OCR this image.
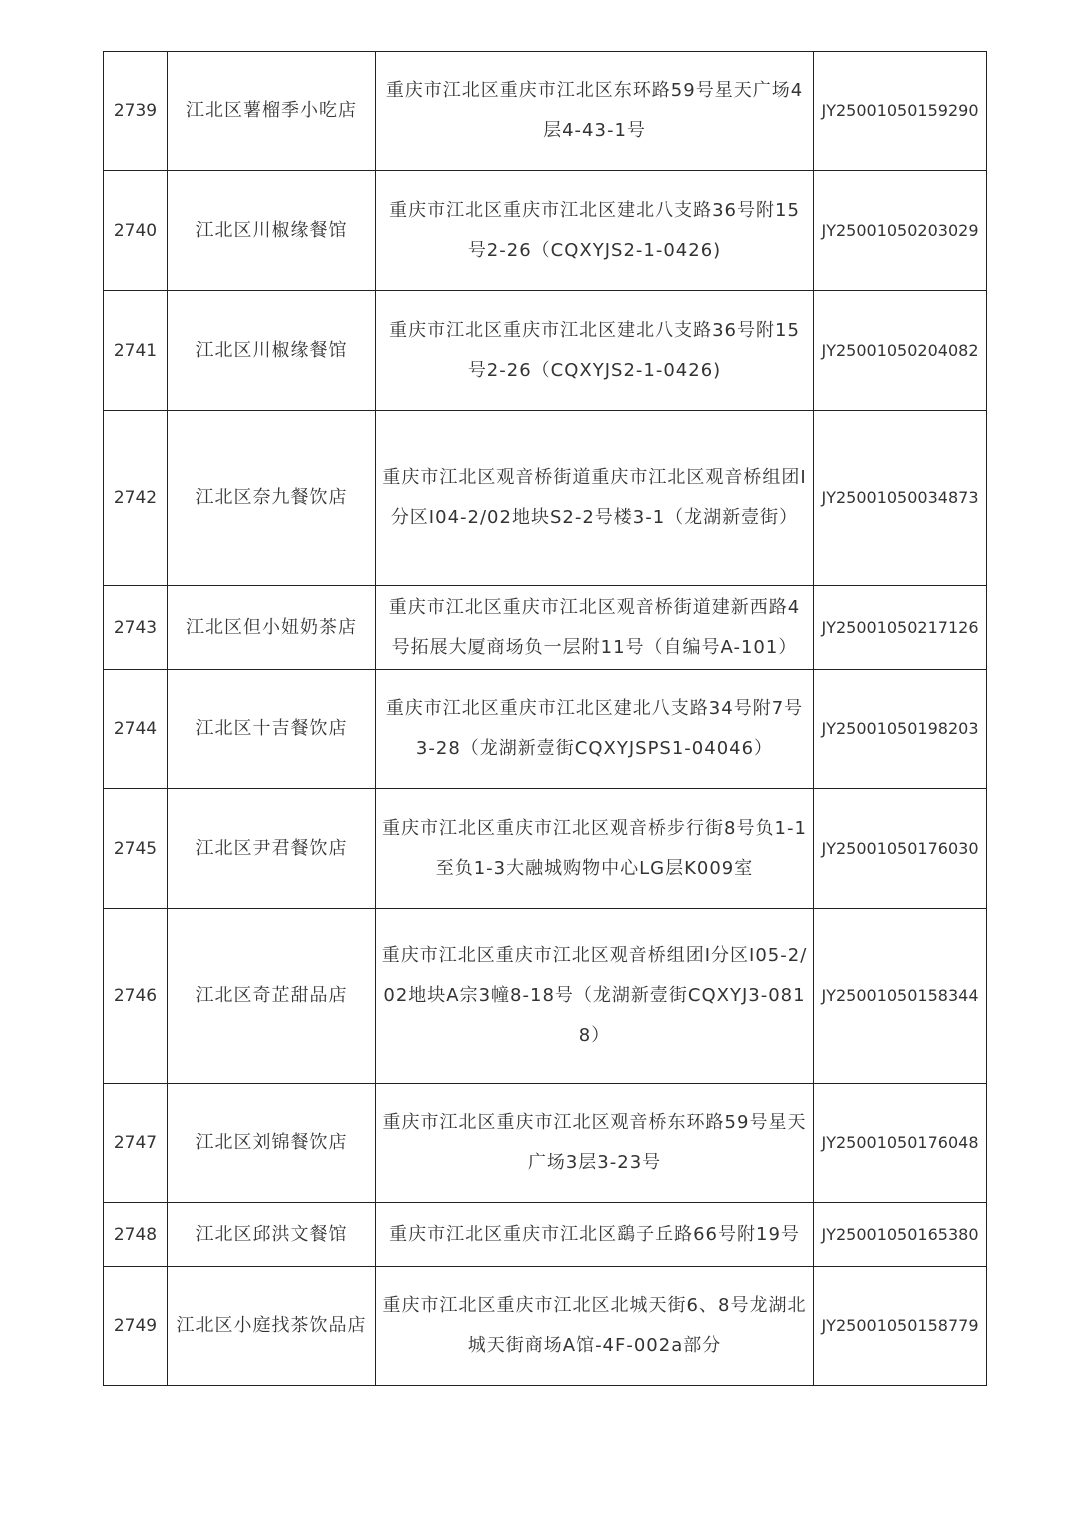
2739	江北区薯榴季小吃店	重庆市江北区重庆市江北区东环路59号星天广场4层4-43-1号	JY25001050159290
2740	江北区川椒缘餐馆	重庆市江北区重庆市江北区建北八支路36号附15号2-26（CQXYJS2-1-0426)	JY25001050203029
2741	江北区川椒缘餐馆	重庆市江北区重庆市江北区建北八支路36号附15号2-26（CQXYJS2-1-0426)	JY25001050204082
2742	江北区奈九餐饮店	重庆市江北区观音桥街道重庆市江北区观音桥组团Ⅰ分区I04-2/02地块S2-2号楼3-1（龙湖新壹街）	JY25001050034873
2743	江北区但小妞奶茶店	重庆市江北区重庆市江北区观音桥街道建新西路4号拓展大厦商场负一层附11号（自编号A-101）	JY25001050217126
2744	江北区十吉餐饮店	重庆市江北区重庆市江北区建北八支路34号附7号3-28（龙湖新壹街CQXYJSPS1-04046）	JY25001050198203
2745	江北区尹君餐饮店	重庆市江北区重庆市江北区观音桥步行街8号负1-1至负1-3大融城购物中心LG层K009室	JY25001050176030
2746	江北区奇芷甜品店	重庆市江北区重庆市江北区观音桥组团Ⅰ分区Ⅰ05-2/02地块A宗3幢8-18号（龙湖新壹街CQXYJ3-0818）	JY25001050158344
2747	江北区刘锦餐饮店	重庆市江北区重庆市江北区观音桥东环路59号星天广场3层3-23号	JY25001050176048
2748	江北区邱洪文餐馆	重庆市江北区重庆市江北区鷂子丘路66号附19号	JY25001050165380
2749	江北区小庭找茶饮品店	重庆市江北区重庆市江北区北城天街6、8号龙湖北城天街商场A馆-4F-002a部分	JY25001050158779
